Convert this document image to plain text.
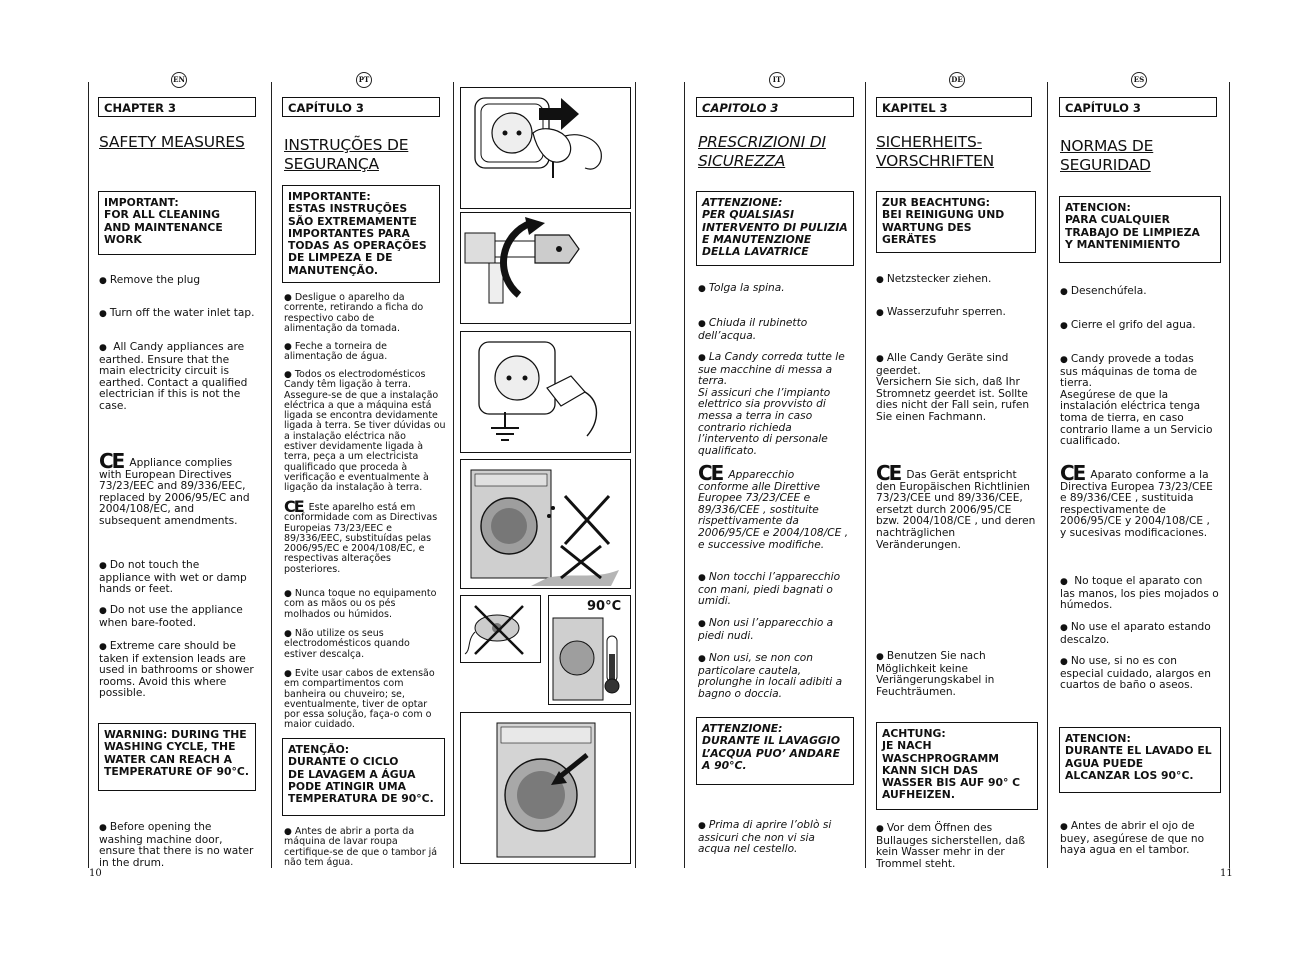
EN	PT	IT	DE	ES
CHAPTER 3
SAFETY MEASURES
IMPORTANT:
FOR ALL CLEANING
AND MAINTENANCE
WORK
● Remove the plug
● Turn off the water inlet tap.
● All Candy appliances are
earthed. Ensure that the
main electricity circuit is
earthed. Contact a qualified
electrician if this is not the
case.
CE Appliance complies
with European Directives
73/23/EEC and 89/336/EEC,
replaced by 2006/95/EC and
2004/108/EC, and
subsequent amendments.
● Do not touch the
appliance with wet or damp
hands or feet.
● Do not use the appliance
when bare-footed.
● Extreme care should be
taken if extension leads are
used in bathrooms or shower
rooms. Avoid this where
possible.
WARNING: DURING THE
WASHING CYCLE, THE
WATER CAN REACH A
TEMPERATURE OF 90°C.
● Before opening the
washing machine door,
ensure that there is no water
in the drum.
CAPÍTULO 3
INSTRUÇÕES DE
SEGURANÇA
IMPORTANTE:
ESTAS INSTRUÇÕES
SÃO EXTREMAMENTE
IMPORTANTES PARA
TODAS AS OPERAÇÕES
DE LIMPEZA E DE
MANUTENÇÃO.
● Desligue o aparelho da
corrente, retirando a ficha do
respectivo cabo de
alimentação da tomada.
● Feche a torneira de
alimentação de água.
● Todos os electrodomésticos
Candy têm ligação à terra.
Assegure-se de que a instalação
eléctrica a que a máquina está
ligada se encontra devidamente
ligada à terra. Se tiver dúvidas ou
a instalação eléctrica não
estiver devidamente ligada à
terra, peça a um electricista
qualificado que proceda à
verificação e eventualmente à
ligação da instalação à terra.
CE Este aparelho está em
conformidade com as Directivas
Europeias 73/23/EEC e
89/336/EEC, substituídas pelas
2006/95/EC e 2004/108/EC, e
respectivas alterações
posteriores.
● Nunca toque no equipamento
com as mãos ou os pés
molhados ou húmidos.
● Não utilize os seus
electrodomésticos quando
estiver descalça.
● Evite usar cabos de extensão
em compartimentos com
banheira ou chuveiro; se,
eventualmente, tiver de optar
por essa solução, faça-o com o
maior cuidado.
ATENÇÃO:
DURANTE O CICLO
DE LAVAGEM A ÁGUA
PODE ATINGIR UMA
TEMPERATURA DE 90°C.
● Antes de abrir a porta da
máquina de lavar roupa
certifique-se de que o tambor já
não tem água.
90°C
CAPITOLO 3
PRESCRIZIONI DI
SICUREZZA
ATTENZIONE:
PER QUALSIASI
INTERVENTO DI PULIZIA
E MANUTENZIONE
DELLA LAVATRICE
● Tolga la spina.
● Chiuda il rubinetto
dell’acqua.
● La Candy corredα tutte le
sue macchine di messa a
terra.
Si assicuri che l’impianto
elettrico sia provvisto di
messa a terra in caso
contrario richieda
l’intervento di personale
qualificato.
CE Apparecchio
conforme alle Direttive
Europee 73/23/CEE e
89/336/CEE , sostituite
rispettivamente da
2006/95/CE e 2004/108/CE ,
e successive modifiche.
● Non tocchi l’apparecchio
con mani, piedi bagnati o
umidi.
● Non usi l’apparecchio a
piedi nudi.
● Non usi, se non con
particolare cautela,
prolunghe in locali adibiti a
bagno o doccia.
ATTENZIONE:
DURANTE IL LAVAGGIO
L’ACQUA PUO’ ANDARE
A 90°C.
● Prima di aprire l’oblò si
assicuri che non vi sia
acqua nel cestello.
KAPITEL 3
SICHERHEITS-
VORSCHRIFTEN
ZUR BEACHTUNG:
BEI REINIGUNG UND
WARTUNG DES
GERÄTES
● Netzstecker ziehen.
● Wasserzufuhr sperren.
● Alle Candy Geräte sind
geerdet.
Versichern Sie sich, daß Ihr
Stromnetz geerdet ist. Sollte
dies nicht der Fall sein, rufen
Sie einen Fachmann.
CE Das Gerät entspricht
den Europäischen Richtlinien
73/23/CEE und 89/336/CEE,
ersetzt durch 2006/95/CE
bzw. 2004/108/CE , und deren
nachträglichen
Veränderungen.
● Benutzen Sie nach
Möglichkeit keine
Veriängerungskabel in
Feuchträumen.
ACHTUNG:
JE NACH
WASCHPROGRAMM
KANN SICH DAS
WASSER BIS AUF 90° C
AUFHEIZEN.
● Vor dem Öffnen des
Bullauges sicherstellen, daß
kein Wasser mehr in der
Trommel steht.
CAPÍTULO 3
NORMAS DE
SEGURIDAD
ATENCION:
PARA CUALQUIER
TRABAJO DE LIMPIEZA
Y MANTENIMIENTO
● Desenchúfela.
● Cierre el grifo del agua.
● Candy provede a todas
sus máquinas de toma de
tierra.
Asegúrese de que la
instalación eléctrica tenga
toma de tierra, en caso
contrario llame a un Servicio
cualificado.
CE Aparato conforme a la
Directiva Europea 73/23/CEE
e 89/336/CEE , sustituida
respectivamente de
2006/95/CE y 2004/108/CE ,
y sucesivas modificaciones.
● No toque el aparato con
las manos, los pies mojados o
húmedos.
● No use el aparato estando
descalzo.
● No use, si no es con
especial cuidado, alargos en
cuartos de baño o aseos.
ATENCION:
DURANTE EL LAVADO EL
AGUA PUEDE
ALCANZAR LOS 90°C.
● Antes de abrir el ojo de
buey, asegúrese de que no
haya agua en el tambor.
10	11
